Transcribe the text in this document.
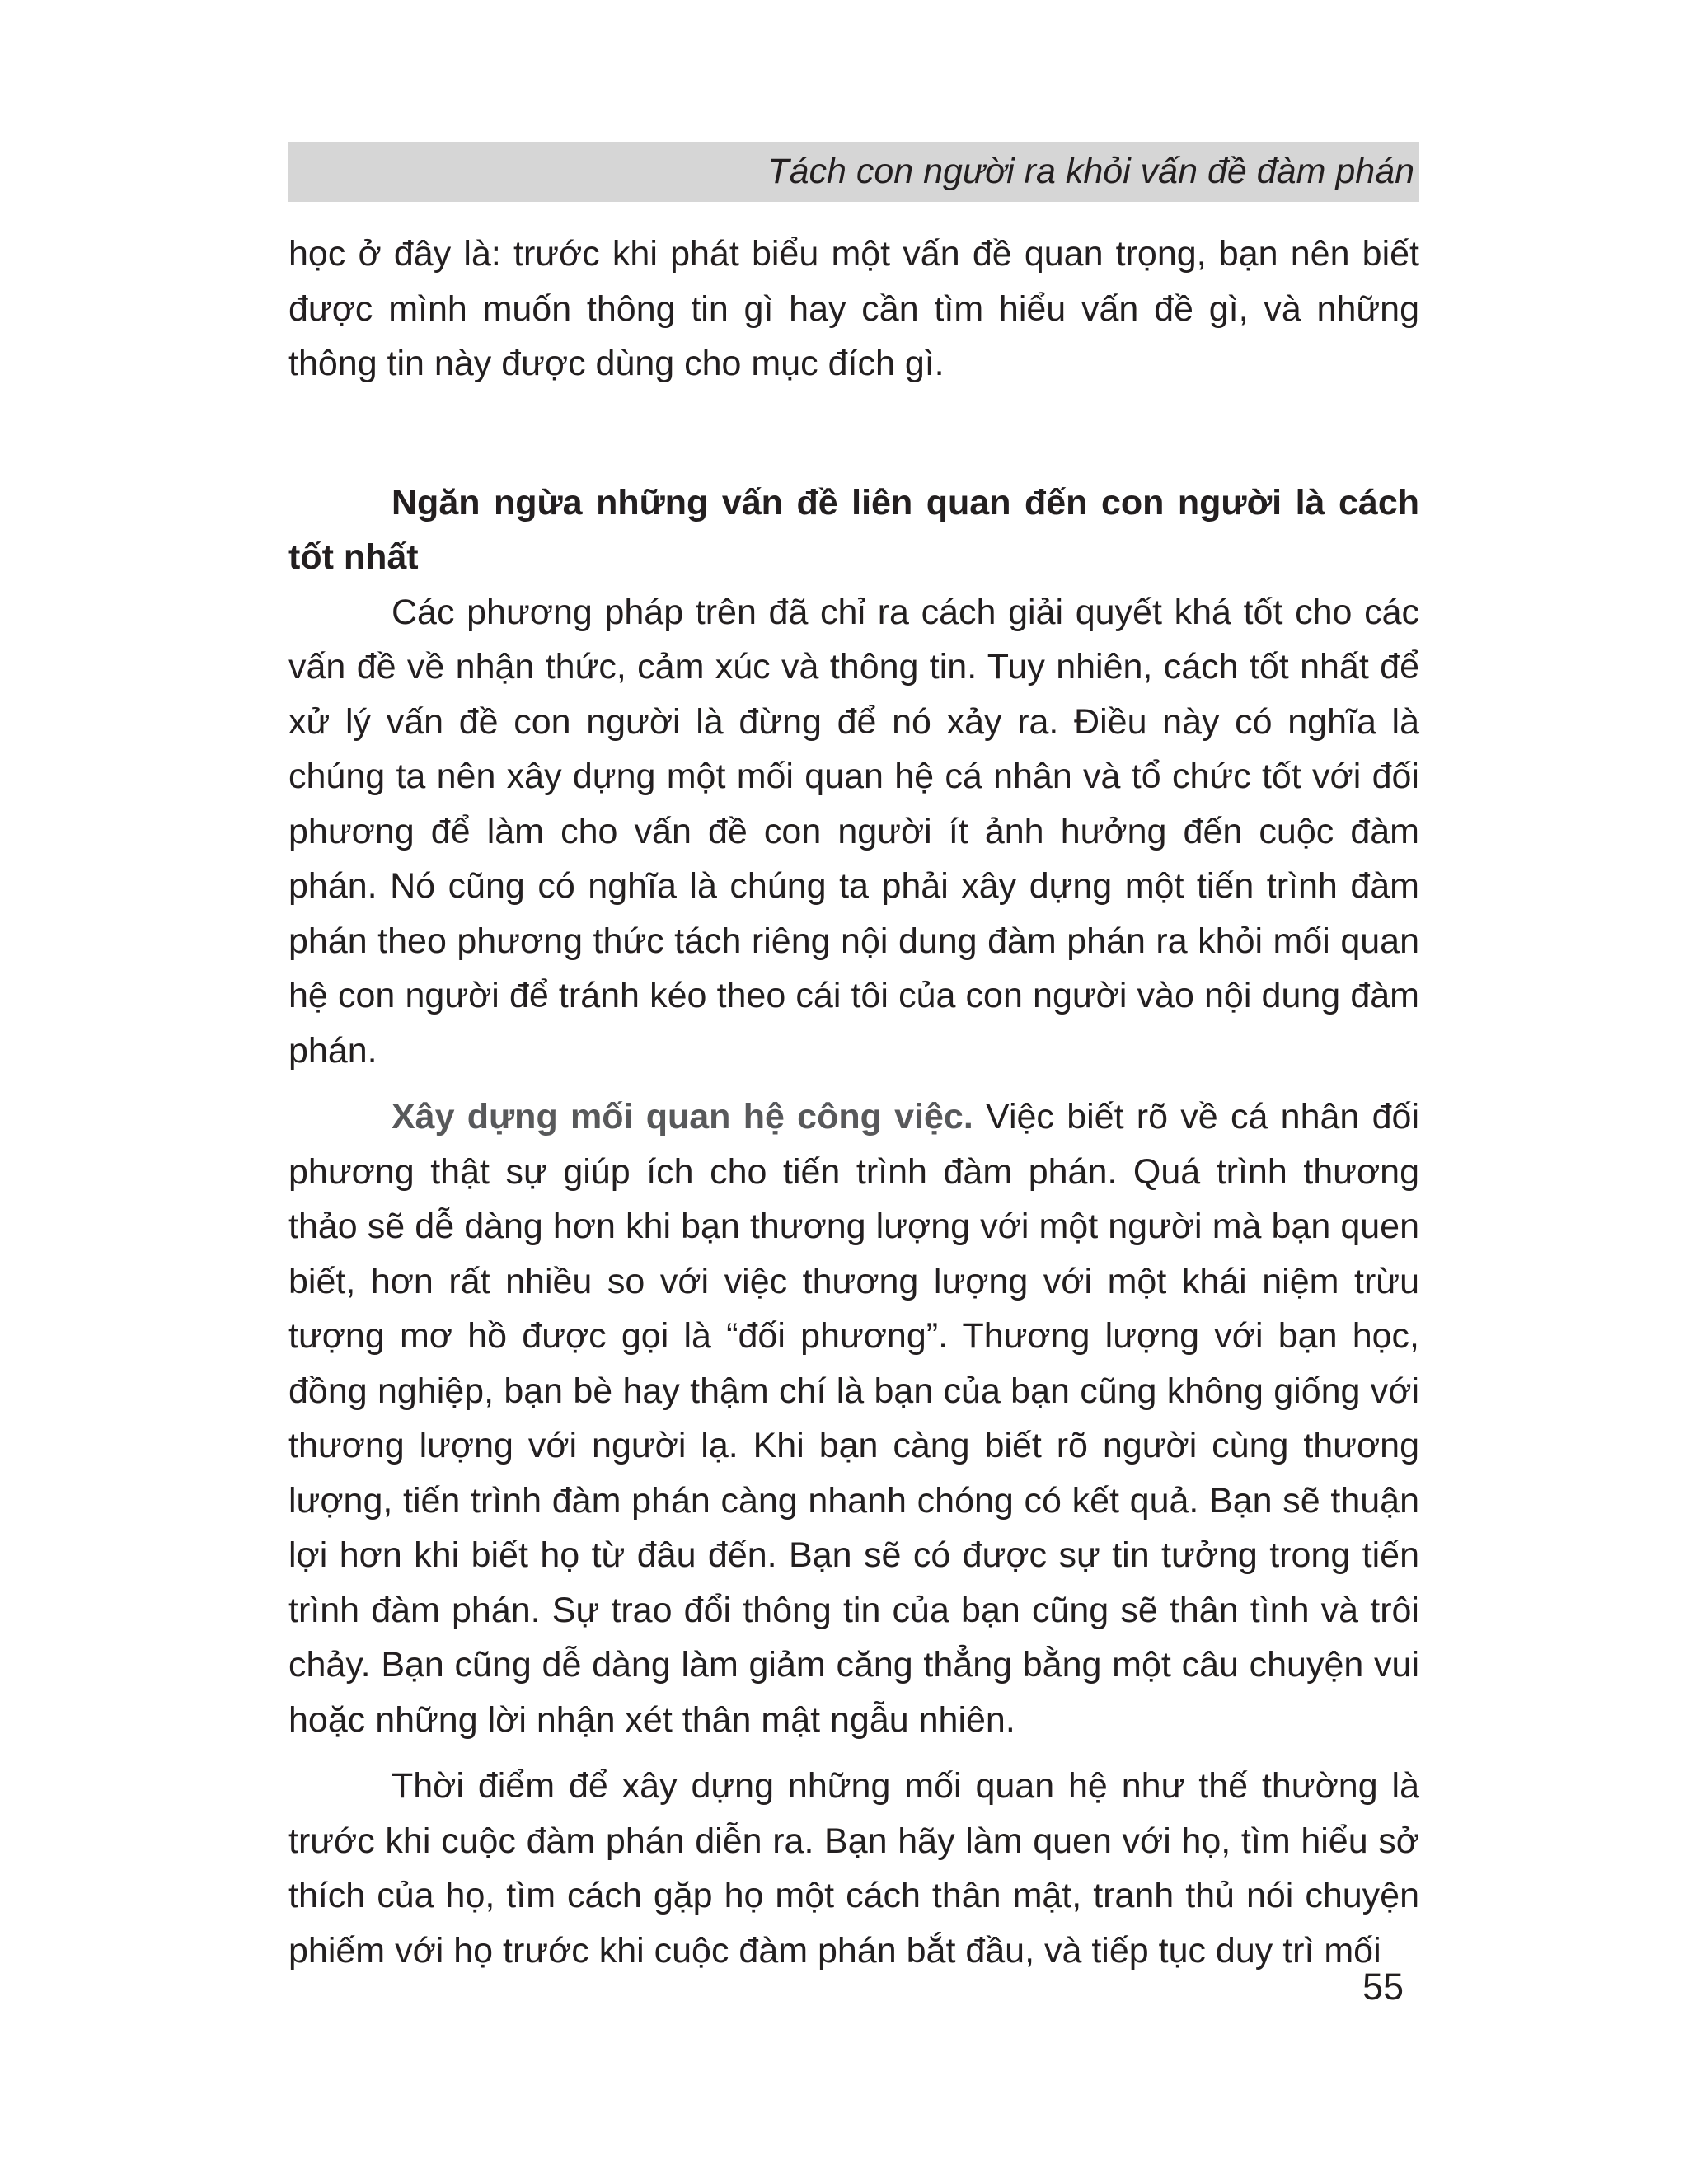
Tách con người ra khỏi vấn đề đàm phán

học ở đây là: trước khi phát biểu một vấn đề quan trọng, bạn nên biết được mình muốn thông tin gì hay cần tìm hiểu vấn đề gì, và những thông tin này được dùng cho mục đích gì.

Ngăn ngừa những vấn đề liên quan đến con người là cách tốt nhất

Các phương pháp trên đã chỉ ra cách giải quyết khá tốt cho các vấn đề về nhận thức, cảm xúc và thông tin. Tuy nhiên, cách tốt nhất để xử lý vấn đề con người là đừng để nó xảy ra. Điều này có nghĩa là chúng ta nên xây dựng một mối quan hệ cá nhân và tổ chức tốt với đối phương để làm cho vấn đề con người ít ảnh hưởng đến cuộc đàm phán. Nó cũng có nghĩa là chúng ta phải xây dựng một tiến trình đàm phán theo phương thức tách riêng nội dung đàm phán ra khỏi mối quan hệ con người để tránh kéo theo cái tôi của con người vào nội dung đàm phán.

Xây dựng mối quan hệ công việc. Việc biết rõ về cá nhân đối phương thật sự giúp ích cho tiến trình đàm phán. Quá trình thương thảo sẽ dễ dàng hơn khi bạn thương lượng với một người mà bạn quen biết, hơn rất nhiều so với việc thương lượng với một khái niệm trừu tượng mơ hồ được gọi là “đối phương”. Thương lượng với bạn học, đồng nghiệp, bạn bè hay thậm chí là bạn của bạn cũng không giống với thương lượng với người lạ. Khi bạn càng biết rõ người cùng thương lượng, tiến trình đàm phán càng nhanh chóng có kết quả. Bạn sẽ thuận lợi hơn khi biết họ từ đâu đến. Bạn sẽ có được sự tin tưởng trong tiến trình đàm phán. Sự trao đổi thông tin của bạn cũng sẽ thân tình và trôi chảy. Bạn cũng dễ dàng làm giảm căng thẳng bằng một câu chuyện vui hoặc những lời nhận xét thân mật ngẫu nhiên.

Thời điểm để xây dựng những mối quan hệ như thế thường là trước khi cuộc đàm phán diễn ra. Bạn hãy làm quen với họ, tìm hiểu sở thích của họ, tìm cách gặp họ một cách thân mật, tranh thủ nói chuyện phiếm với họ trước khi cuộc đàm phán bắt đầu, và tiếp tục duy trì mối

55
